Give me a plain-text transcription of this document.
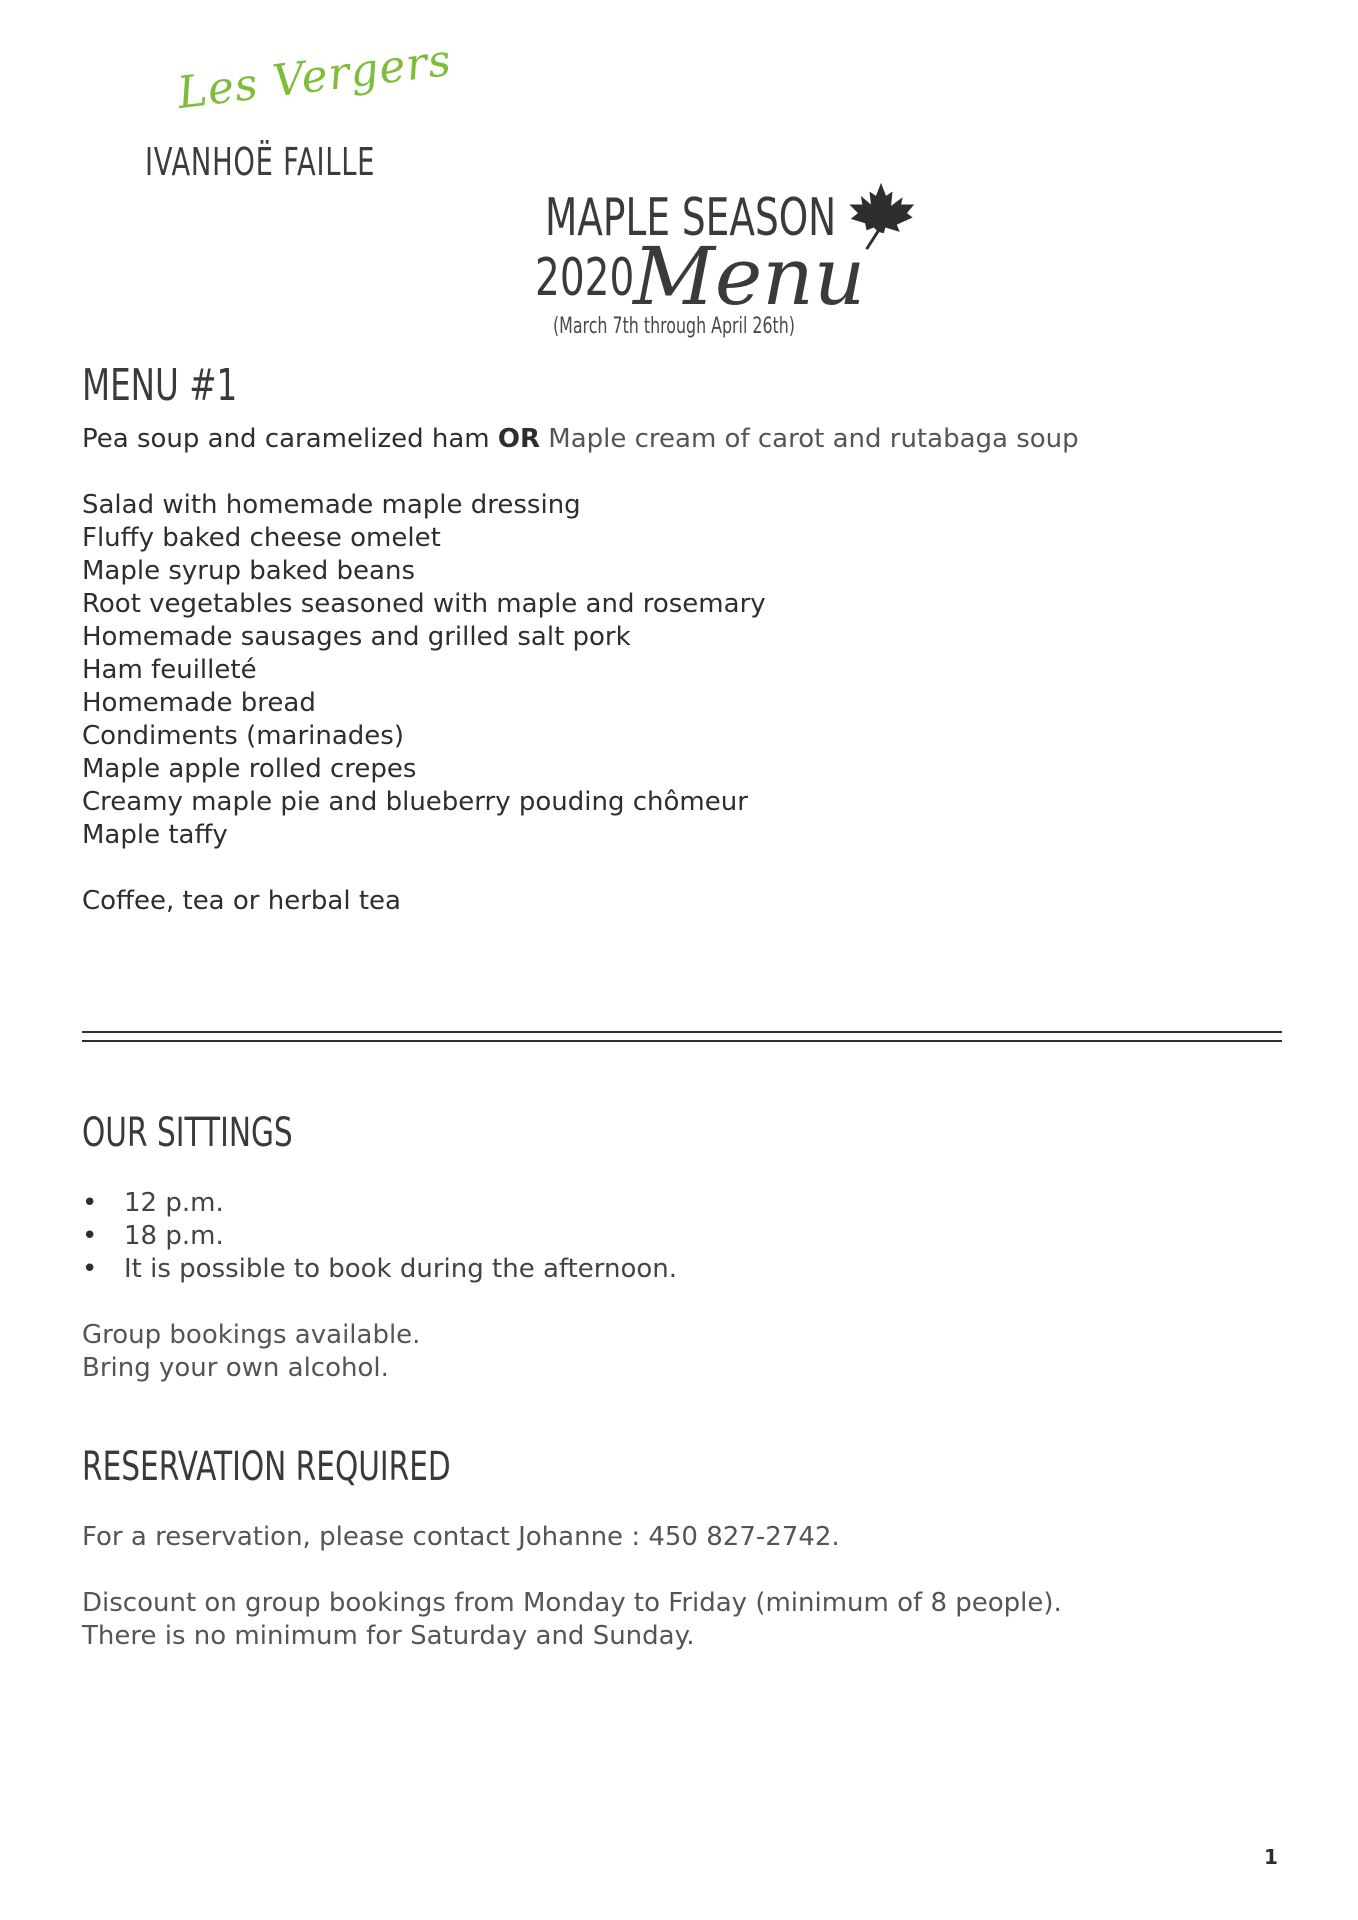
Les Vergers
IVANHOË FAILLE
MAPLE SEASON
2020
Menu
(March 7th through April 26th)
MENU #1
Pea soup and caramelized ham OR Maple cream of carot and rutabaga soup
Salad with homemade maple dressing
Fluffy baked cheese omelet
Maple syrup baked beans
Root vegetables seasoned with maple and rosemary
Homemade sausages and grilled salt pork
Ham feuilleté
Homemade bread
Condiments (marinades)
Maple apple rolled crepes
Creamy maple pie and blueberry pouding chômeur
Maple taffy
Coffee, tea or herbal tea
OUR SITTINGS
• 12 p.m.
• 18 p.m.
• It is possible to book during the afternoon.
Group bookings available.
Bring your own alcohol.
RESERVATION REQUIRED
For a reservation, please contact Johanne : 450 827-2742.
Discount on group bookings from Monday to Friday (minimum of 8 people).
There is no minimum for Saturday and Sunday.
1
